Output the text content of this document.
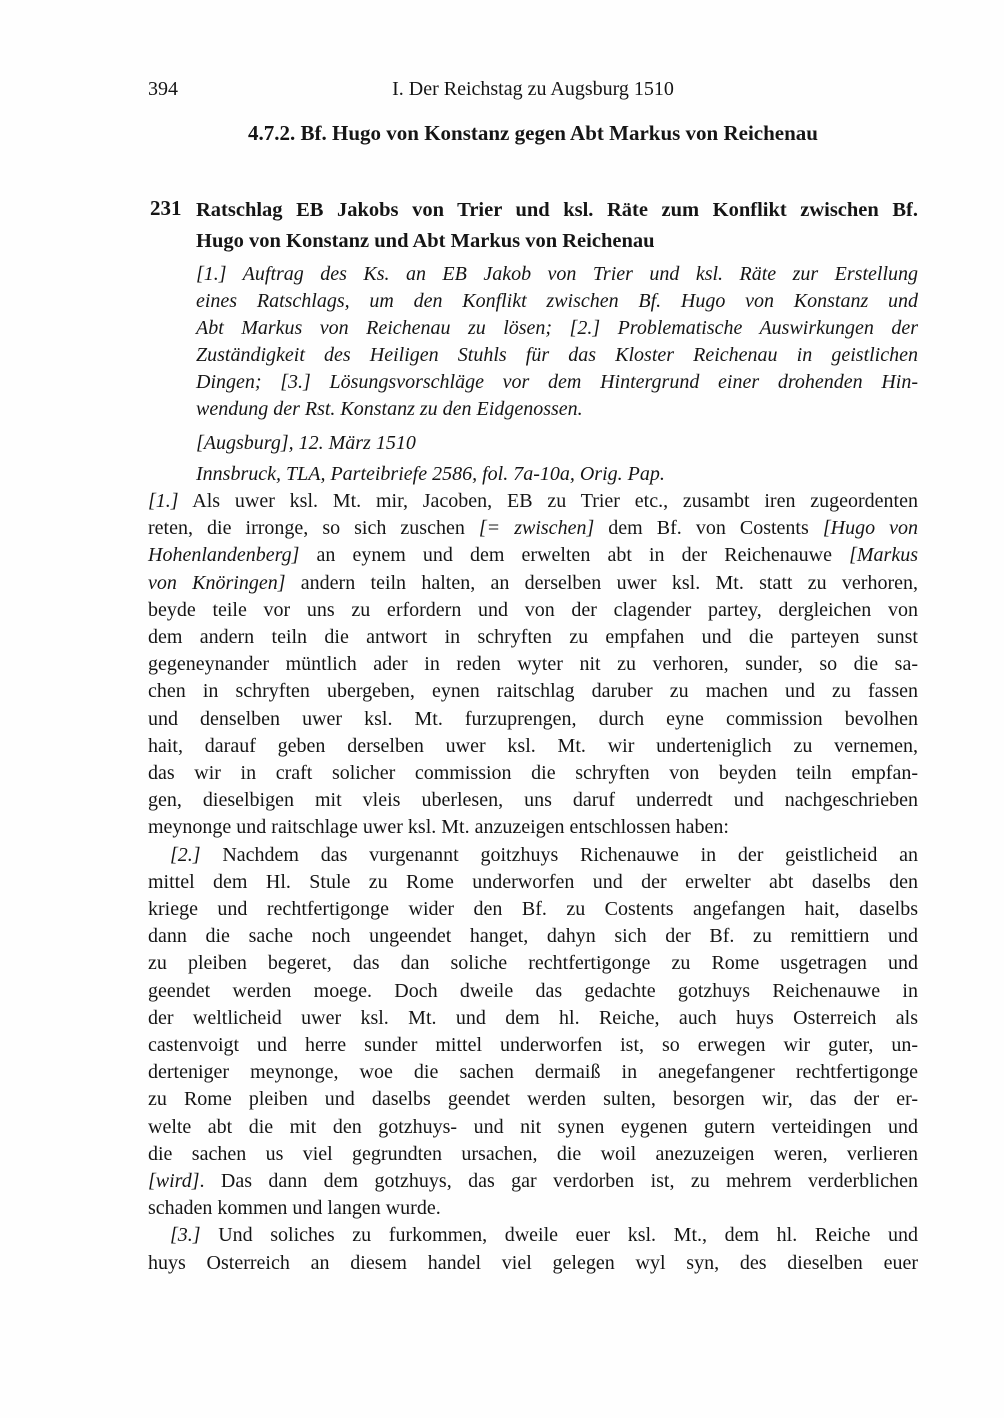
394	I. Der Reichstag zu Augsburg 1510
4.7.2. Bf. Hugo von Konstanz gegen Abt Markus von Reichenau
231 Ratschlag EB Jakobs von Trier und ksl. Räte zum Konflikt zwischen Bf.
Hugo von Konstanz und Abt Markus von Reichenau
[1.] Auftrag des Ks. an EB Jakob von Trier und ksl. Räte zur Erstellung
eines Ratschlags, um den Konflikt zwischen Bf. Hugo von Konstanz und
Abt Markus von Reichenau zu lösen; [2.] Problematische Auswirkungen der
Zuständigkeit des Heiligen Stuhls für das Kloster Reichenau in geistlichen
Dingen; [3.] Lösungsvorschläge vor dem Hintergrund einer drohenden Hin-
wendung der Rst. Konstanz zu den Eidgenossen.
[Augsburg], 12. März 1510
Innsbruck, TLA, Parteibriefe 2586, fol. 7a-10a, Orig. Pap.
[1.] Als uwer ksl. Mt. mir, Jacoben, EB zu Trier etc., zusambt iren zugeordenten
reten, die irronge, so sich zuschen [= zwischen] dem Bf. von Costents [Hugo von
Hohenlandenberg] an eynem und dem erwelten abt in der Reichenauwe [Markus
von Knöringen] andern teiln halten, an derselben uwer ksl. Mt. statt zu verhoren,
beyde teile vor uns zu erfordern und von der clagender partey, dergleichen von
dem andern teiln die antwort in schryften zu empfahen und die parteyen sunst
gegeneynander müntlich ader in reden wyter nit zu verhoren, sunder, so die sa-
chen in schryften ubergeben, eynen raitschlag daruber zu machen und zu fassen
und denselben uwer ksl. Mt. furzuprengen, durch eyne commission bevolhen
hait, darauf geben derselben uwer ksl. Mt. wir underteniglich zu vernemen,
das wir in craft solicher commission die schryften von beyden teiln empfan-
gen, dieselbigen mit vleis uberlesen, uns daruf underredt und nachgeschrieben
meynonge und raitschlage uwer ksl. Mt. anzuzeigen entschlossen haben:
[2.] Nachdem das vurgenannt goitzhuys Richenauwe in der geistlicheid an
mittel dem Hl. Stule zu Rome underworfen und der erwelter abt daselbs den
kriege und rechtfertigonge wider den Bf. zu Costents angefangen hait, daselbs
dann die sache noch ungeendet hanget, dahyn sich der Bf. zu remittiern und
zu pleiben begeret, das dan soliche rechtfertigonge zu Rome usgetragen und
geendet werden moege. Doch dweile das gedachte gotzhuys Reichenauwe in
der weltlicheid uwer ksl. Mt. und dem hl. Reiche, auch huys Osterreich als
castenvoigt und herre sunder mittel underworfen ist, so erwegen wir guter, un-
derteniger meynonge, woe die sachen dermaiß in anegefangener rechtfertigonge
zu Rome pleiben und daselbs geendet werden sulten, besorgen wir, das der er-
welte abt die mit den gotzhuys- und nit synen eygenen gutern verteidingen und
die sachen us viel gegrundten ursachen, die woil anezuzeigen weren, verlieren
[wird]. Das dann dem gotzhuys, das gar verdorben ist, zu mehrem verderblichen
schaden kommen und langen wurde.
[3.] Und soliches zu furkommen, dweile euer ksl. Mt., dem hl. Reiche und
huys Osterreich an diesem handel viel gelegen wyl syn, des dieselben euer
